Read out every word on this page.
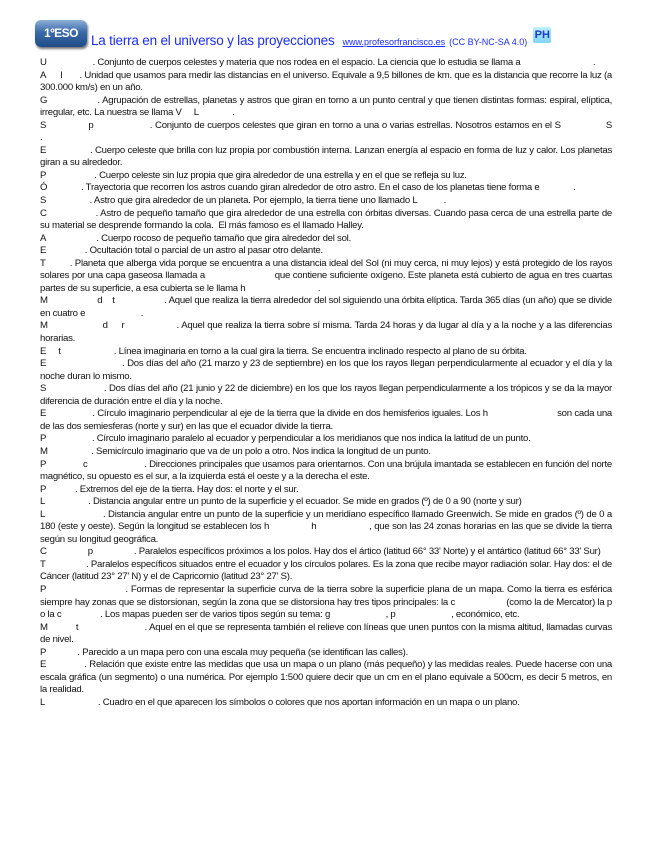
1ºESO La tierra en el universo y las proyecciones www.profesorfrancisco.es (CC BY-NC-SA 4.0)
PH

U                   . Conjunto de cuerpos celestes y materia que nos rodea en el espacio. La ciencia que lo estudia se llama a                              .

A      l       . Unidad que usamos para medir las distancias en el universo. Equivale a 9,5 billones de km. que es la distancia que recorre la luz (a 300.000 km/s) en un año.

G                  . Agrupación de estrellas, planetas y astros que giran en torno a un punto central y que tienen distintas formas: espiral, elíptica, irregular, etc. La nuestra se llama V     L              .

S               p                    . Conjunto de cuerpos celestes que giran en torno a una o varias estrellas. Nosotros estamos en el S                S              .

E                 . Cuerpo celeste que brilla con luz propia por combustión interna. Lanzan energía al espacio en forma de luz y calor. Los planetas giran a su alrededor.

P                    . Cuerpo celeste sin luz propia que gira alrededor de una estrella y en el que se refleja su luz.

Ó              . Trayectoria que recorren los astros cuando giran alrededor de otro astro. En el caso de los planetas tiene forma e              .

S                  . Astro que gira alrededor de un planeta. Por ejemplo, la tierra tiene uno llamado L           .

C                  . Astro de pequeño tamaño que gira alrededor de una estrella con órbitas diversas. Cuando pasa cerca de una estrella parte de su material se desprende formando la cola.  El más famoso es el llamado Halley.

A                     . Cuerpo rocoso de pequeño tamaño que gira alrededor del sol.

E                . Ocultación total o parcial de un astro al pasar otro delante.

T         . Planeta que alberga vida porque se encuentra a una distancia ideal del Sol (ni muy cerca, ni muy lejos) y está protegido de los rayos solares por una capa gaseosa llamada a                          que contiene suficiente oxígeno. Este planeta está cubierto de agua en tres cuartas partes de su superficie, a esa cubierta se le llama h                              .

M                    d    t                    . Aquel que realiza la tierra alrededor del sol siguiendo una órbita elíptica. Tarda 365 días (un año) que se divide en cuatro e                       .

M                    d     r                   . Aquel que realiza la tierra sobre sí misma. Tarda 24 horas y da lugar al día y a la noche y a las diferencias horarias.

E     t                      . Línea imaginaria en torno a la cual gira la tierra. Se encuentra inclinado respecto al plano de su órbita.

E                            . Dos días del año (21 marzo y 23 de septiembre) en los que los rayos llegan perpendicularmente al ecuador y el día y la noche duran lo mismo.

S                      . Dos días del año (21 junio y 22 de diciembre) en los que los rayos llegan perpendicularmente a los trópicos y se da la mayor diferencia de duración entre el día y la noche.

E                  . Círculo imaginario perpendicular al eje de la tierra que la divide en dos hemisferios iguales. Los h                           son cada una de las dos semiesferas (norte y sur) en las que el ecuador divide la tierra.

P                   . Círculo imaginario paralelo al ecuador y perpendicular a los meridianos que nos indica la latitud de un punto.

M                  . Semicírculo imaginario que va de un polo a otro. Nos indica la longitud de un punto.

P               c                       . Direcciones principales que usamos para orientarnos. Con una brújula imantada se establecen en función del norte magnético, su opuesto es el sur, a la izquierda está el oeste y a la derecha el este.

P            . Extremos del eje de la tierra. Hay dos: el norte y el sur.

L                  . Distancia angular entre un punto de la superficie y el ecuador. Se mide en grados (º) de 0 a 90 (norte y sur)

L                      . Distancia angular entre un punto de la superficie y un meridiano específico llamado Greenwich. Se mide en grados (º) de 0 a 180 (este y oeste). Según la longitud se establecen los h                h                    , que son las 24 zonas horarias en las que se divide la tierra según su longitud geográfica.

C                 p                 . Paralelos específicos próximos a los polos. Hay dos el ártico (latitud 66° 33' Norte) y el antártico (latitud 66° 33' Sur)

T                . Paralelos específicos situados entre el ecuador y los círculos polares. Es la zona que recibe mayor radiación solar. Hay dos: el de Cáncer (latitud 23° 27' N) y el de Capricornio (latitud 23° 27' S).

P                           . Formas de representar la superficie curva de la tierra sobre la superficie plana de un mapa. Como la tierra es esférica siempre hay zonas que se distorsionan, según la zona que se distorsiona hay tres tipos principales: la c                     (como la de Mercator) la p                o la c                . Los mapas pueden ser de varios tipos según su tema: g                       , p                       , económico, etc.

M           t                          . Aquel en el que se representa también el relieve con líneas que unen puntos con la misma altitud, llamadas curvas de nivel.

P             . Parecido a un mapa pero con una escala muy pequeña (se identifican las calles).

E               . Relación que existe entre las medidas que usa un mapa o un plano (más pequeño) y las medidas reales. Puede hacerse con una escala gráfica (un segmento) o una numérica. Por ejemplo 1:500 quiere decir que un cm en el plano equivale a 500cm, es decir 5 metros, en la realidad.

L                      . Cuadro en el que aparecen los símbolos o colores que nos aportan información en un mapa o un plano.
